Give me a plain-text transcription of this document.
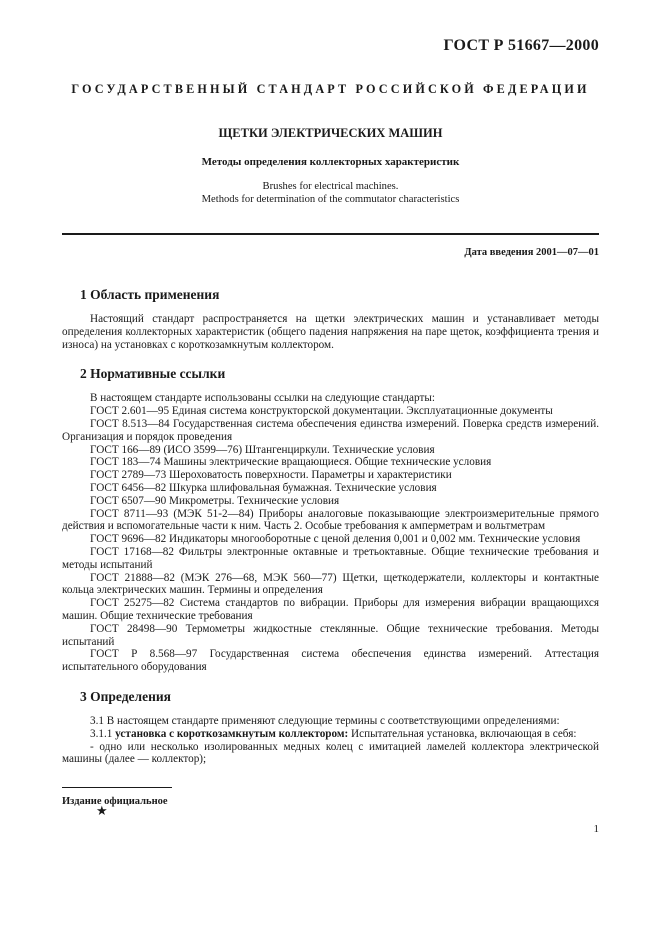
ГОСТ Р 51667—2000
ГОСУДАРСТВЕННЫЙ СТАНДАРТ РОССИЙСКОЙ ФЕДЕРАЦИИ
ЩЕТКИ ЭЛЕКТРИЧЕСКИХ МАШИН
Методы определения коллекторных характеристик
Brushes for electrical machines.
Methods for determination of the commutator characteristics
Дата введения 2001—07—01
1 Область применения

Настоящий стандарт распространяется на щетки электрических машин и устанавливает методы определения коллекторных характеристик (общего падения напряжения на паре щеток, коэффициента трения и износа) на установках с короткозамкнутым коллектором.

2 Нормативные ссылки

В настоящем стандарте использованы ссылки на следующие стандарты:

ГОСТ 2.601—95 Единая система конструкторской документации. Эксплуатационные документы

ГОСТ 8.513—84 Государственная система обеспечения единства измерений. Поверка средств измерений. Организация и порядок проведения

ГОСТ 166—89 (ИСО 3599—76) Штангенциркули. Технические условия

ГОСТ 183—74 Машины электрические вращающиеся. Общие технические условия

ГОСТ 2789—73 Шероховатость поверхности. Параметры и характеристики

ГОСТ 6456—82 Шкурка шлифовальная бумажная. Технические условия

ГОСТ 6507—90 Микрометры. Технические условия

ГОСТ 8711—93 (МЭК 51-2—84) Приборы аналоговые показывающие электроизмерительные прямого действия и вспомогательные части к ним. Часть 2. Особые требования к амперметрам и вольтметрам

ГОСТ 9696—82 Индикаторы многооборотные с ценой деления 0,001 и 0,002 мм. Технические условия

ГОСТ 17168—82 Фильтры электронные октавные и третьоктавные. Общие технические требования и методы испытаний

ГОСТ 21888—82 (МЭК 276—68, МЭК 560—77) Щетки, щеткодержатели, коллекторы и контактные кольца электрических машин. Термины и определения

ГОСТ 25275—82 Система стандартов по вибрации. Приборы для измерения вибрации вращающихся машин. Общие технические требования

ГОСТ 28498—90 Термометры жидкостные стеклянные. Общие технические требования. Методы испытаний

ГОСТ Р 8.568—97 Государственная система обеспечения единства измерений. Аттестация испытательного оборудования

3 Определения

3.1 В настоящем стандарте применяют следующие термины с соответствующими определениями:

3.1.1 установка с короткозамкнутым коллектором: Испытательная установка, включающая в себя:

- одно или несколько изолированных медных колец с имитацией ламелей коллектора электрической машины (далее — коллектор);

Издание официальное
★
1
